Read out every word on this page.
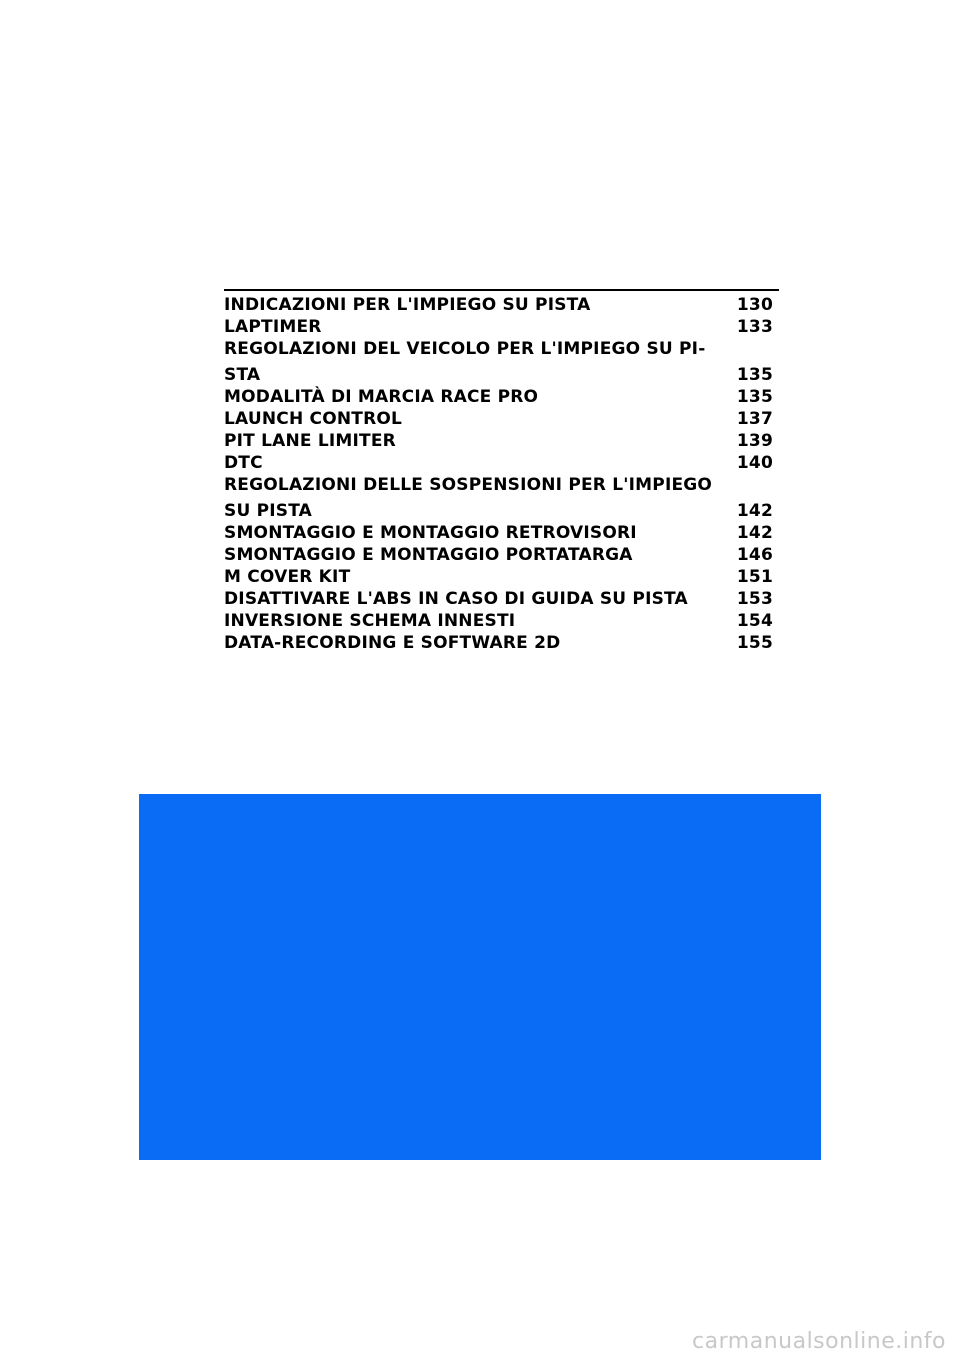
INDICAZIONI PER L'IMPIEGO SU PISTA	130
LAPTIMER	133
REGOLAZIONI DEL VEICOLO PER L'IMPIEGO SU PI-
STA	135
MODALITÀ DI MARCIA RACE PRO	135
LAUNCH CONTROL	137
PIT LANE LIMITER	139
DTC	140
REGOLAZIONI DELLE SOSPENSIONI PER L'IMPIEGO
SU PISTA	142
SMONTAGGIO E MONTAGGIO RETROVISORI	142
SMONTAGGIO E MONTAGGIO PORTATARGA	146
M COVER KIT	151
DISATTIVARE L'ABS IN CASO DI GUIDA SU PISTA	153
INVERSIONE SCHEMA INNESTI	154
DATA-RECORDING E SOFTWARE 2D	155
carmanualsonline.info
